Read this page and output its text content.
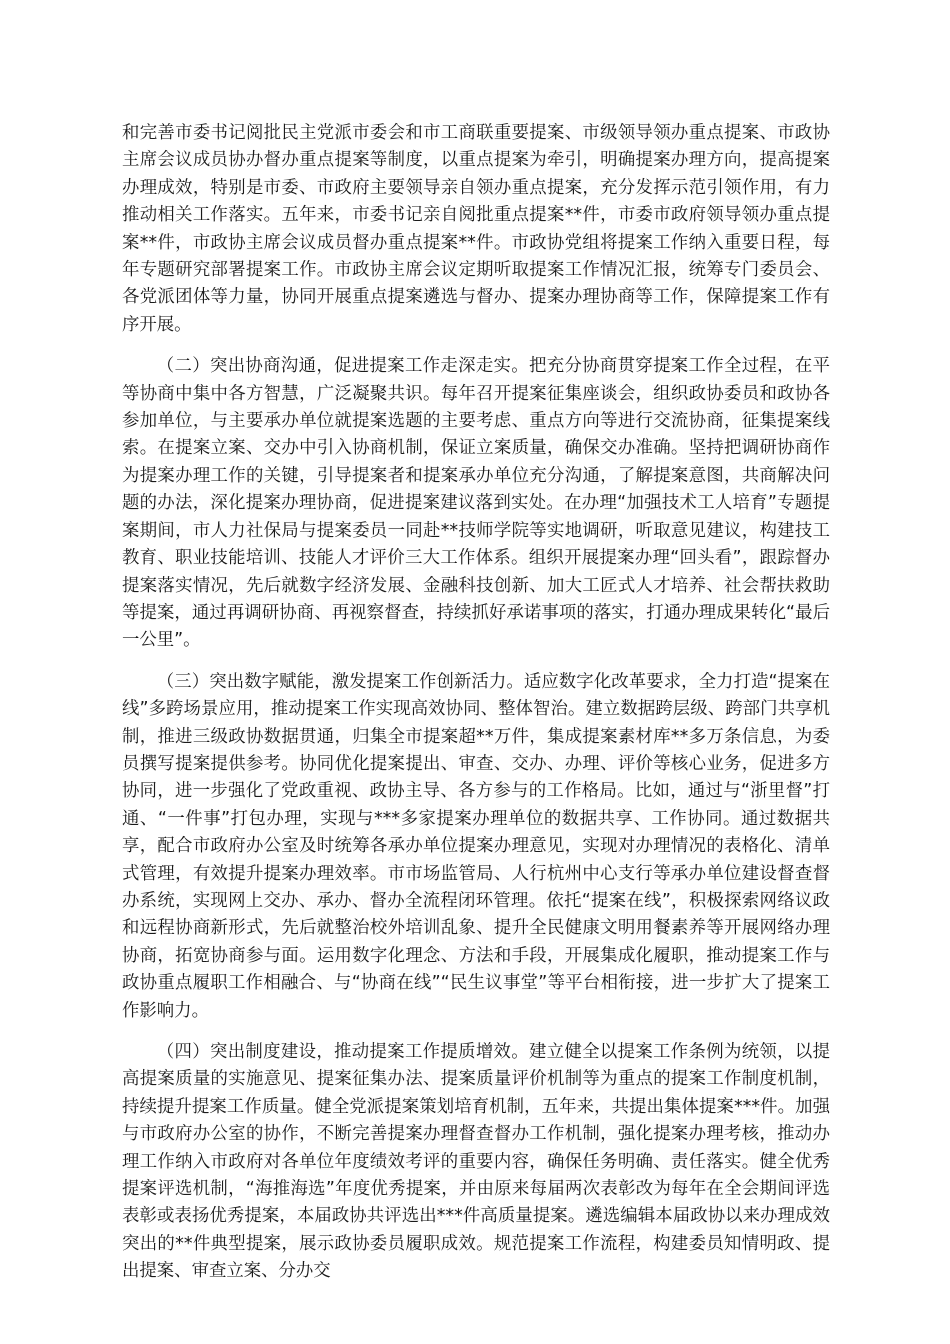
和完善市委书记阅批民主党派市委会和市工商联重要提案、市级领导领办重点提案、市政协主席会议成员协办督办重点提案等制度，以重点提案为牵引，明确提案办理方向，提高提案办理成效，特别是市委、市政府主要领导亲自领办重点提案，充分发挥示范引领作用，有力推动相关工作落实。五年来，市委书记亲自阅批重点提案**件，市委市政府领导领办重点提案**件，市政协主席会议成员督办重点提案**件。市政协党组将提案工作纳入重要日程，每年专题研究部署提案工作。市政协主席会议定期听取提案工作情况汇报，统筹专门委员会、各党派团体等力量，协同开展重点提案遴选与督办、提案办理协商等工作，保障提案工作有序开展。

（二）突出协商沟通，促进提案工作走深走实。把充分协商贯穿提案工作全过程，在平等协商中集中各方智慧，广泛凝聚共识。每年召开提案征集座谈会，组织政协委员和政协各参加单位，与主要承办单位就提案选题的主要考虑、重点方向等进行交流协商，征集提案线索。在提案立案、交办中引入协商机制，保证立案质量，确保交办准确。坚持把调研协商作为提案办理工作的关键，引导提案者和提案承办单位充分沟通，了解提案意图，共商解决问题的办法，深化提案办理协商，促进提案建议落到实处。在办理“加强技术工人培育”专题提案期间，市人力社保局与提案委员一同赴**技师学院等实地调研，听取意见建议，构建技工教育、职业技能培训、技能人才评价三大工作体系。组织开展提案办理“回头看”，跟踪督办提案落实情况，先后就数字经济发展、金融科技创新、加大工匠式人才培养、社会帮扶救助等提案，通过再调研协商、再视察督查，持续抓好承诺事项的落实，打通办理成果转化“最后一公里”。

（三）突出数字赋能，激发提案工作创新活力。适应数字化改革要求，全力打造“提案在线”多跨场景应用，推动提案工作实现高效协同、整体智治。建立数据跨层级、跨部门共享机制，推进三级政协数据贯通，归集全市提案超**万件，集成提案素材库**多万条信息，为委员撰写提案提供参考。协同优化提案提出、审查、交办、办理、评价等核心业务，促进多方协同，进一步强化了党政重视、政协主导、各方参与的工作格局。比如，通过与“浙里督”打通、“一件事”打包办理，实现与***多家提案办理单位的数据共享、工作协同。通过数据共享，配合市政府办公室及时统筹各承办单位提案办理意见，实现对办理情况的表格化、清单式管理，有效提升提案办理效率。市市场监管局、人行杭州中心支行等承办单位建设督查督办系统，实现网上交办、承办、督办全流程闭环管理。依托“提案在线”，积极探索网络议政和远程协商新形式，先后就整治校外培训乱象、提升全民健康文明用餐素养等开展网络办理协商，拓宽协商参与面。运用数字化理念、方法和手段，开展集成化履职，推动提案工作与政协重点履职工作相融合、与“协商在线”“民生议事堂”等平台相衔接，进一步扩大了提案工作影响力。

（四）突出制度建设，推动提案工作提质增效。建立健全以提案工作条例为统领，以提高提案质量的实施意见、提案征集办法、提案质量评价机制等为重点的提案工作制度机制，持续提升提案工作质量。健全党派提案策划培育机制，五年来，共提出集体提案***件。加强与市政府办公室的协作，不断完善提案办理督查督办工作机制，强化提案办理考核，推动办理工作纳入市政府对各单位年度绩效考评的重要内容，确保任务明确、责任落实。健全优秀提案评选机制，“海推海选”年度优秀提案，并由原来每届两次表彰改为每年在全会期间评选表彰或表扬优秀提案，本届政协共评选出***件高质量提案。遴选编辑本届政协以来办理成效突出的**件典型提案，展示政协委员履职成效。规范提案工作流程，构建委员知情明政、提出提案、审查立案、分办交
